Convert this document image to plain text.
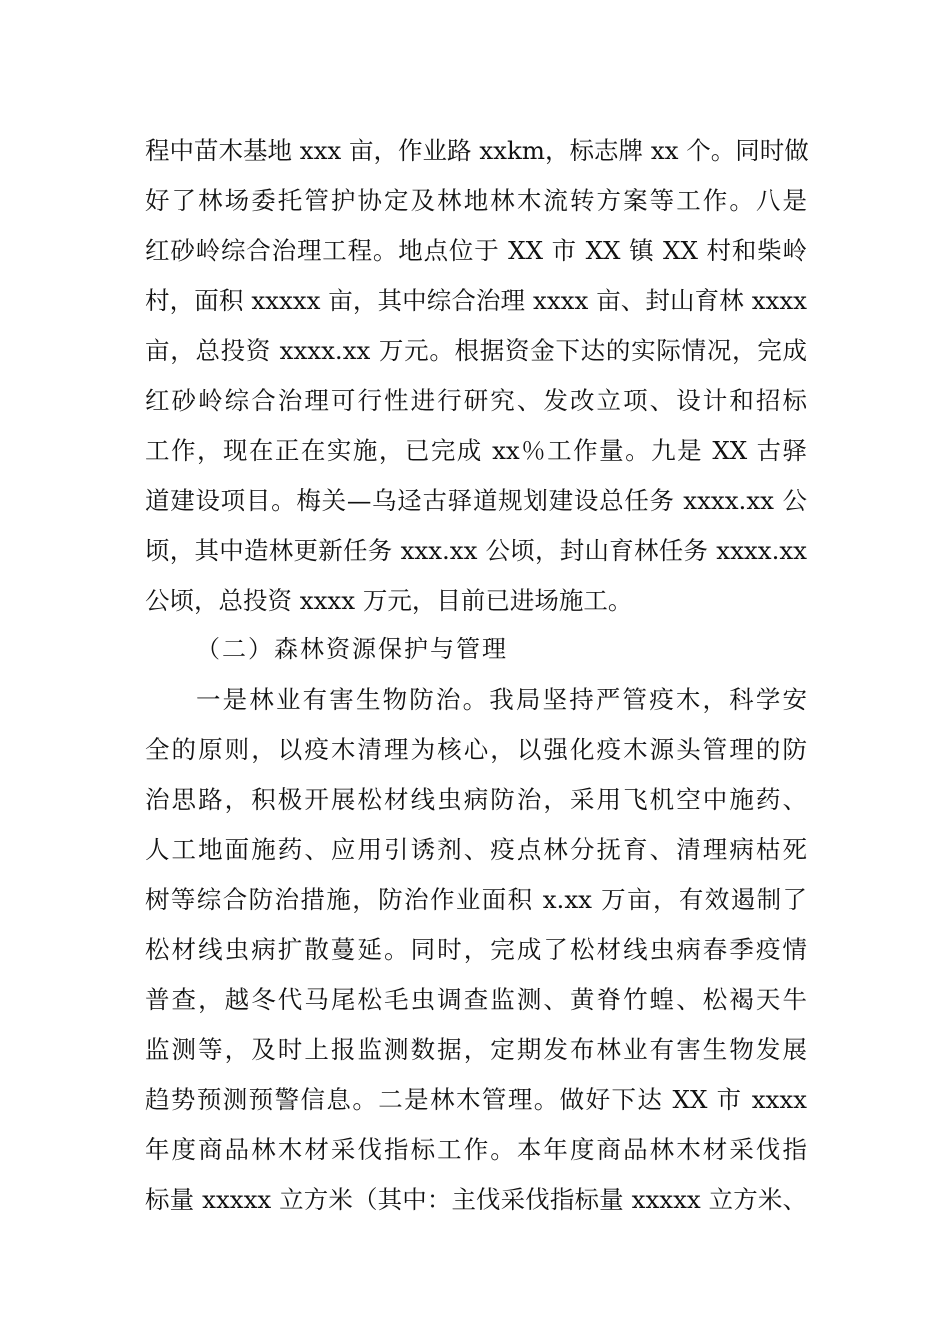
程中苗木基地 xxx 亩，作业路 xxkm，标志牌 xx 个。同时做
好了林场委托管护协定及林地林木流转方案等工作。八是
红砂岭综合治理工程。地点位于 XX 市 XX 镇 XX 村和柴岭
村，面积 xxxxx 亩，其中综合治理 xxxx 亩、封山育林 xxxx
亩，总投资 xxxx.xx 万元。根据资金下达的实际情况，完成
红砂岭综合治理可行性进行研究、发改立项、设计和招标
工作，现在正在实施，已完成 xx％工作量。九是 XX 古驿
道建设项目。梅关—乌迳古驿道规划建设总任务 xxxx.xx 公
顷，其中造林更新任务 xxx.xx 公顷，封山育林任务 xxxx.xx
公顷，总投资 xxxx 万元，目前已进场施工。
（二）森林资源保护与管理
一是林业有害生物防治。我局坚持严管疫木，科学安
全的原则，以疫木清理为核心，以强化疫木源头管理的防
治思路，积极开展松材线虫病防治，采用飞机空中施药、
人工地面施药、应用引诱剂、疫点林分抚育、清理病枯死
树等综合防治措施，防治作业面积 x.xx 万亩，有效遏制了
松材线虫病扩散蔓延。同时，完成了松材线虫病春季疫情
普查，越冬代马尾松毛虫调查监测、黄脊竹蝗、松褐天牛
监测等，及时上报监测数据，定期发布林业有害生物发展
趋势预测预警信息。二是林木管理。做好下达 XX 市 xxxx
年度商品林木材采伐指标工作。本年度商品林木材采伐指
标量 xxxxx 立方米（其中：主伐采伐指标量 xxxxx 立方米、
